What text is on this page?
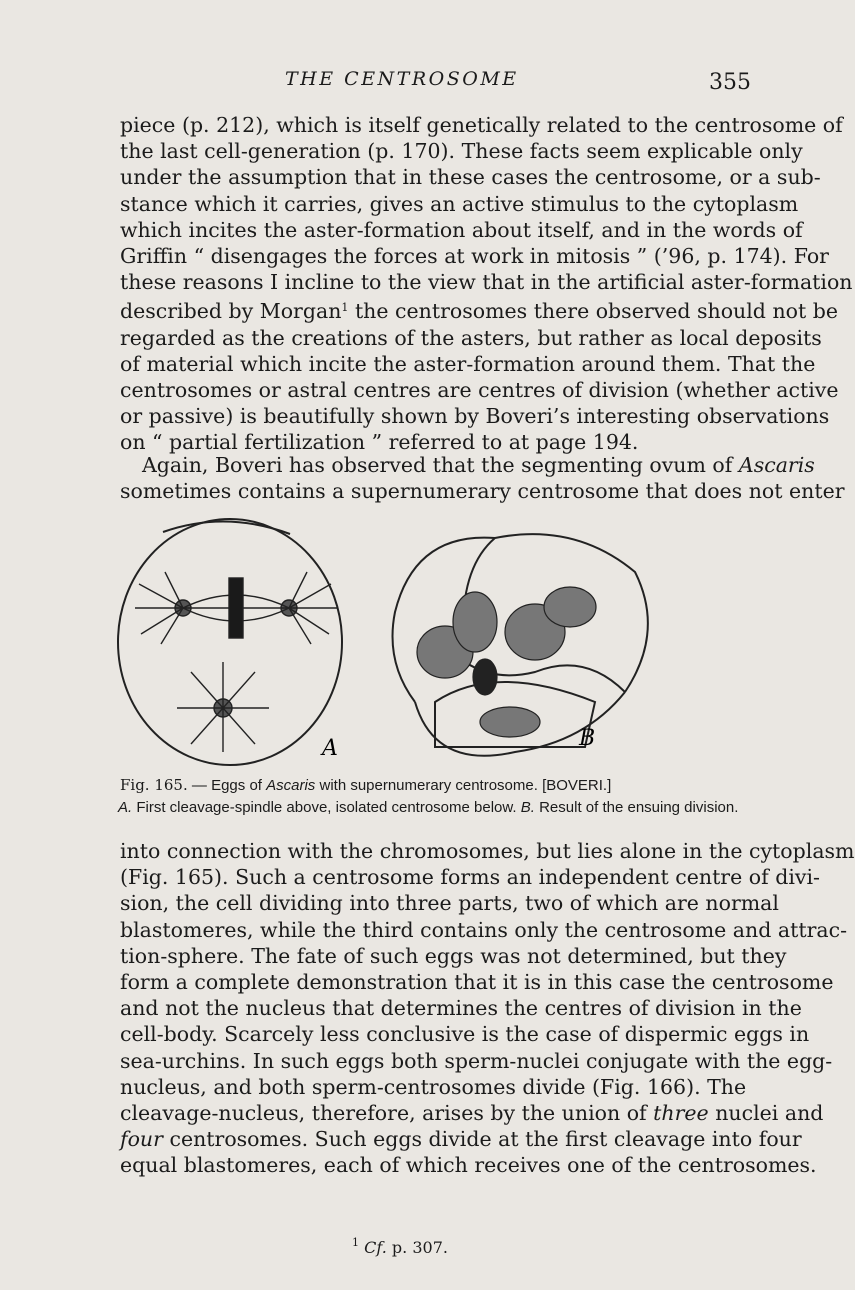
THE CENTROSOME	355
piece (p. 212), which is itself genetically related to the centrosome of
the last cell-generation (p. 170). These facts seem explicable only
under the assumption that in these cases the centrosome, or a sub-
stance which it carries, gives an active stimulus to the cytoplasm
which incites the aster-formation about itself, and in the words of
Griffin “ disengages the forces at work in mitosis ” (’96, p. 174). For
these reasons I incline to the view that in the artificial aster-formation
described by Morgan$^1$ the centrosomes there observed should not be
regarded as the creations of the asters, but rather as local deposits
of material which incite the aster-formation around them. That the
centrosomes or astral centres are centres of division (whether active
or passive) is beautifully shown by Boveri’s interesting observations
on “ partial fertilization ” referred to at page 194.
Again, Boveri has observed that the segmenting ovum of Ascaris
sometimes contains a supernumerary centrosome that does not enter
A	B
Fig. 165. — Eggs of Ascaris with supernumerary centrosome. [BOVERI.]
A. First cleavage-spindle above, isolated centrosome below. B. Result of the ensuing division.
into connection with the chromosomes, but lies alone in the cytoplasm
(Fig. 165). Such a centrosome forms an independent centre of divi-
sion, the cell dividing into three parts, two of which are normal
blastomeres, while the third contains only the centrosome and attrac-
tion-sphere. The fate of such eggs was not determined, but they
form a complete demonstration that it is in this case the centrosome
and not the nucleus that determines the centres of division in the
cell-body. Scarcely less conclusive is the case of dispermic eggs in
sea-urchins. In such eggs both sperm-nuclei conjugate with the egg-
nucleus, and both sperm-centrosomes divide (Fig. 166). The
cleavage-nucleus, therefore, arises by the union of three nuclei and
four centrosomes. Such eggs divide at the first cleavage into four
equal blastomeres, each of which receives one of the centrosomes.
$^1$ Cf. p. 307.
